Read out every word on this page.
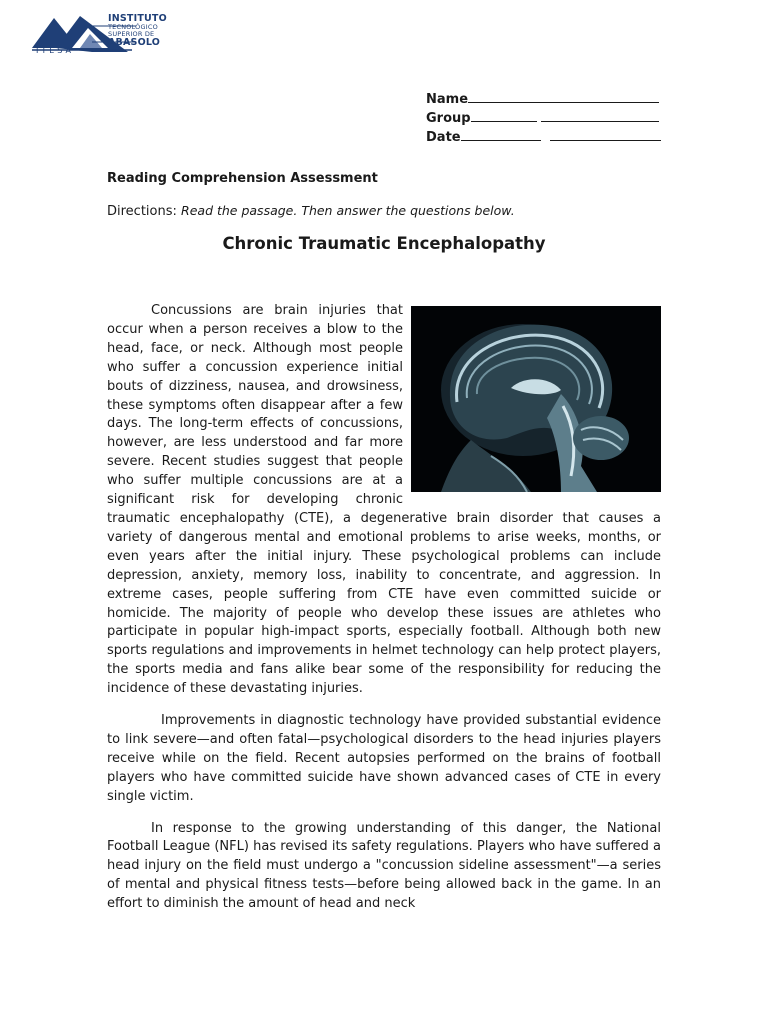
INSTITUTO
TECNOLÓGICO
SUPERIOR DE
ABASOLO
ITESA
Name
Group
Date
Reading Comprehension Assessment
Directions: Read the passage. Then answer the questions below.
Chronic Traumatic Encephalopathy

Concussions are brain injuries that occur when a person receives a blow to the head, face, or neck. Although most people who suffer a concussion experience initial bouts of dizziness, nausea, and drowsiness, these symptoms often disappear after a few days. The long-term effects of concussions, however, are less understood and far more severe. Recent studies suggest that people who suffer multiple concussions are at a significant risk for developing chronic traumatic encephalopathy (CTE), a degenerative brain disorder that causes a variety of dangerous mental and emotional problems to arise weeks, months, or even years after the initial injury. These psychological problems can include depression, anxiety, memory loss, inability to concentrate, and aggression. In extreme cases, people suffering from CTE have even committed suicide or homicide. The majority of people who develop these issues are athletes who participate in popular high-impact sports, especially football. Although both new sports regulations and improvements in helmet technology can help protect players, the sports media and fans alike bear some of the responsibility for reducing the incidence of these devastating injuries.

Improvements in diagnostic technology have provided substantial evidence to link severe—and often fatal—psychological disorders to the head injuries players receive while on the field. Recent autopsies performed on the brains of football players who have committed suicide have shown advanced cases of CTE in every single victim.

In response to the growing understanding of this danger, the National Football League (NFL) has revised its safety regulations. Players who have suffered a head injury on the field must undergo a "concussion sideline assessment"—a series of mental and physical fitness tests—before being allowed back in the game. In an effort to diminish the amount of head and neck
